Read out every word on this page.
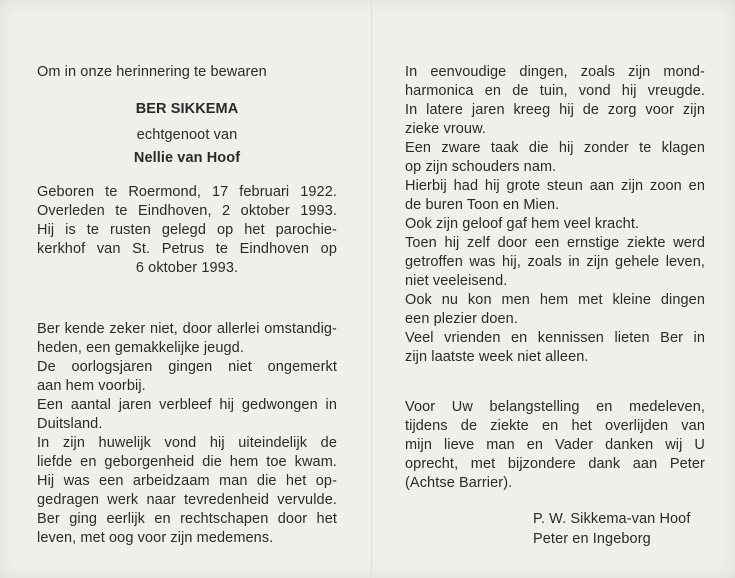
Om in onze herinnering te bewaren
BER SIKKEMA
echtgenoot van
Nellie van Hoof
Geboren te Roermond, 17 februari 1922.
Overleden te Eindhoven, 2 oktober 1993.
Hij is te rusten gelegd op het parochie-
kerkhof van St. Petrus te Eindhoven op
6 oktober 1993.
Ber kende zeker niet, door allerlei omstandig-
heden, een gemakkelijke jeugd.
De oorlogsjaren gingen niet ongemerkt
aan hem voorbij.
Een aantal jaren verbleef hij gedwongen in
Duitsland.
In zijn huwelijk vond hij uiteindelijk de
liefde en geborgenheid die hem toe kwam.
Hij was een arbeidzaam man die het op-
gedragen werk naar tevredenheid vervulde.
Ber ging eerlijk en rechtschapen door het
leven, met oog voor zijn medemens.
In eenvoudige dingen, zoals zijn mond-
harmonica en de tuin, vond hij vreugde.
In latere jaren kreeg hij de zorg voor zijn
zieke vrouw.
Een zware taak die hij zonder te klagen
op zijn schouders nam.
Hierbij had hij grote steun aan zijn zoon en
de buren Toon en Mien.
Ook zijn geloof gaf hem veel kracht.
Toen hij zelf door een ernstige ziekte werd
getroffen was hij, zoals in zijn gehele leven,
niet veeleisend.
Ook nu kon men hem met kleine dingen
een plezier doen.
Veel vrienden en kennissen lieten Ber in
zijn laatste week niet alleen.
Voor Uw belangstelling en medeleven,
tijdens de ziekte en het overlijden van
mijn lieve man en Vader danken wij U
oprecht, met bijzondere dank aan Peter
(Achtse Barrier).
P. W. Sikkema-van Hoof
Peter en Ingeborg
